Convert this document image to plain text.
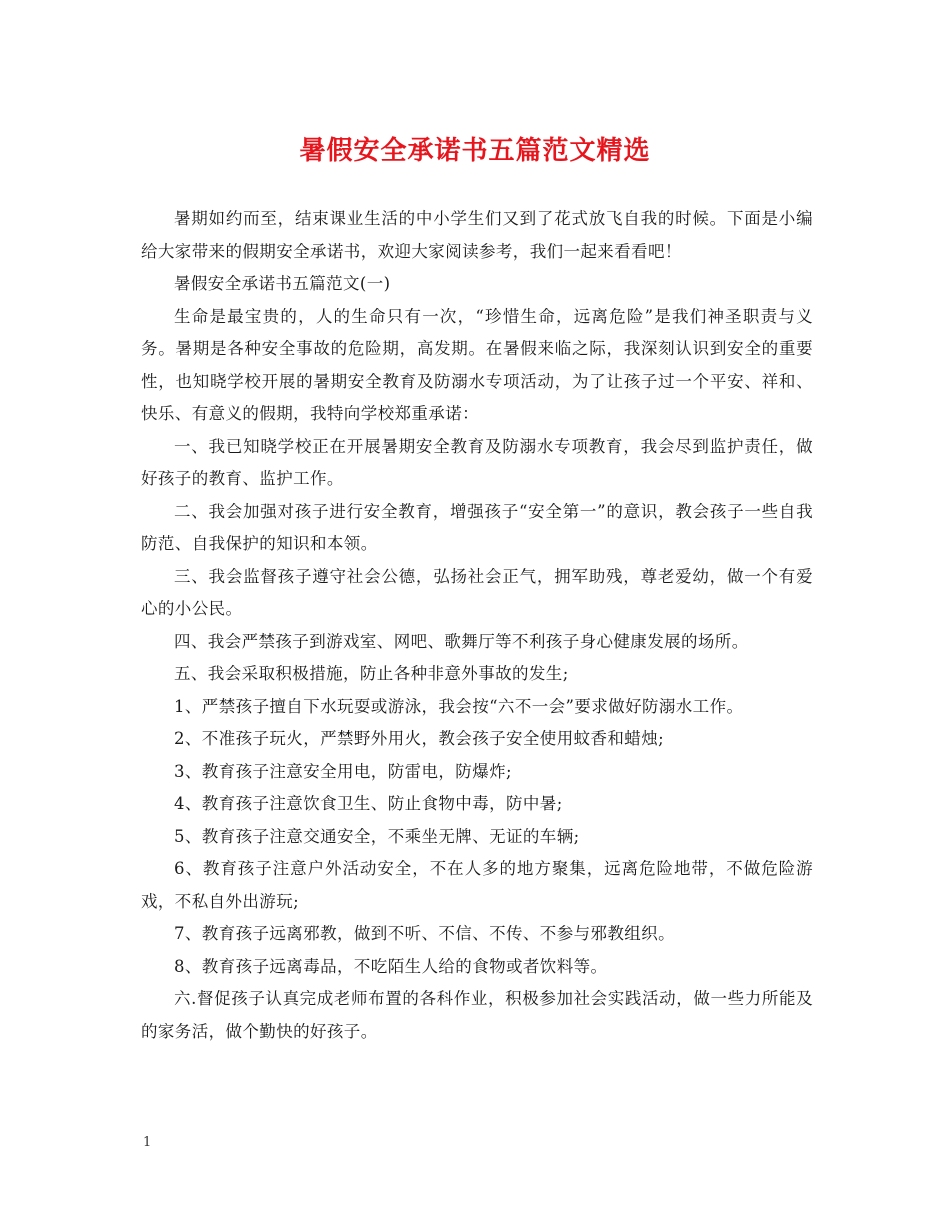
暑假安全承诺书五篇范文精选

暑期如约而至，结束课业生活的中小学生们又到了花式放飞自我的时候。下面是小编给大家带来的假期安全承诺书，欢迎大家阅读参考，我们一起来看看吧！

暑假安全承诺书五篇范文(一)

生命是最宝贵的，人的生命只有一次，“珍惜生命，远离危险”是我们神圣职责与义务。暑期是各种安全事故的危险期，高发期。在暑假来临之际，我深刻认识到安全的重要性，也知晓学校开展的暑期安全教育及防溺水专项活动，为了让孩子过一个平安、祥和、快乐、有意义的假期，我特向学校郑重承诺：

一、我已知晓学校正在开展暑期安全教育及防溺水专项教育，我会尽到监护责任，做好孩子的教育、监护工作。

二、我会加强对孩子进行安全教育，增强孩子“安全第一”的意识，教会孩子一些自我防范、自我保护的知识和本领。

三、我会监督孩子遵守社会公德，弘扬社会正气，拥军助残，尊老爱幼，做一个有爱心的小公民。

四、我会严禁孩子到游戏室、网吧、歌舞厅等不利孩子身心健康发展的场所。

五、我会采取积极措施，防止各种非意外事故的发生;

1、严禁孩子擅自下水玩耍或游泳，我会按“六不一会”要求做好防溺水工作。

2、不准孩子玩火，严禁野外用火，教会孩子安全使用蚊香和蜡烛;

3、教育孩子注意安全用电，防雷电，防爆炸;

4、教育孩子注意饮食卫生、防止食物中毒，防中暑;

5、教育孩子注意交通安全，不乘坐无牌、无证的车辆;

6、教育孩子注意户外活动安全，不在人多的地方聚集，远离危险地带，不做危险游戏，不私自外出游玩;

7、教育孩子远离邪教，做到不听、不信、不传、不参与邪教组织。

8、教育孩子远离毒品，不吃陌生人给的食物或者饮料等。

六.督促孩子认真完成老师布置的各科作业，积极参加社会实践活动，做一些力所能及的家务活，做个勤快的好孩子。

1
